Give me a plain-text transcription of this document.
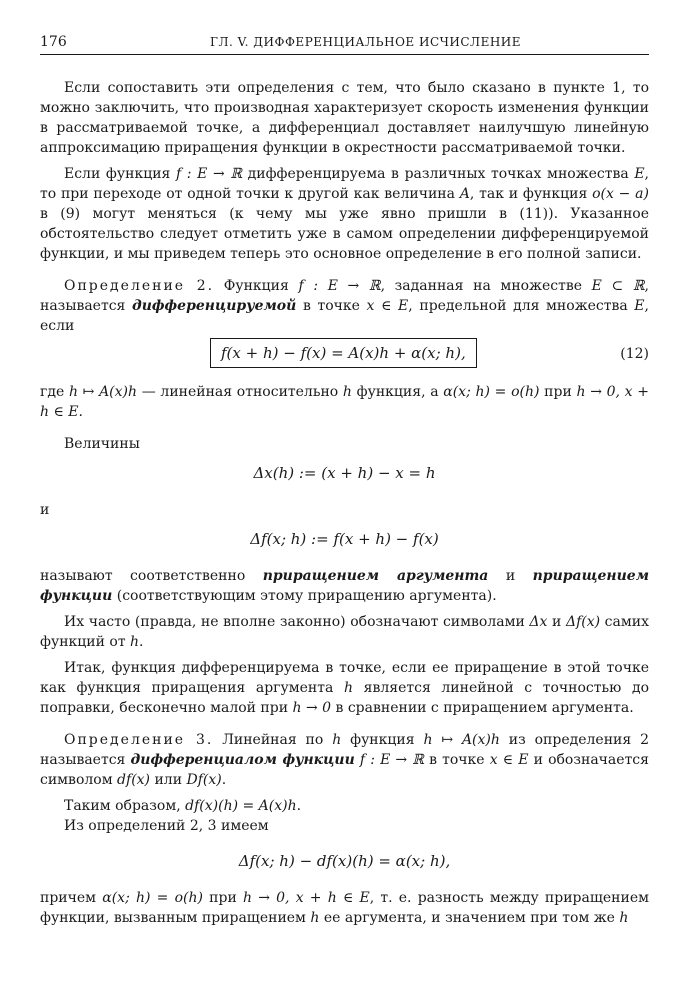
176	ГЛ. V. ДИФФЕРЕНЦИАЛЬНОЕ ИСЧИСЛЕНИЕ

Если сопоставить эти определения с тем, что было сказано в пункте 1, то можно заключить, что производная характеризует скорость изменения функции в рассматриваемой точке, а дифференциал доставляет наилучшую линейную аппроксимацию приращения функции в окрестности рассматриваемой точки.

Если функция f : E → ℝ дифференцируема в различных точках множества E, то при переходе от одной точки к другой как величина A, так и функция o(x − a) в (9) могут меняться (к чему мы уже явно пришли в (11)). Указанное обстоятельство следует отметить уже в самом определении дифференцируемой функции, и мы приведем теперь это основное определение в его полной записи.

Определение 2. Функция f : E → ℝ, заданная на множестве E ⊂ ℝ, называется дифференцируемой в точке x ∈ E, предельной для множества E, если

f(x + h) − f(x) = A(x)h + α(x; h),	(12)

где h ↦ A(x)h — линейная относительно h функция, а α(x; h) = o(h) при h → 0, x + h ∈ E.

Величины

Δx(h) := (x + h) − x = h
и
Δf(x; h) := f(x + h) − f(x)

называют соответственно приращением аргумента и приращением функции (соответствующим этому приращению аргумента).

Их часто (правда, не вполне законно) обозначают символами Δx и Δf(x) самих функций от h.

Итак, функция дифференцируема в точке, если ее приращение в этой точке как функция приращения аргумента h является линейной с точностью до поправки, бесконечно малой при h → 0 в сравнении с приращением аргумента.

Определение 3. Линейная по h функция h ↦ A(x)h из определения 2 называется дифференциалом функции f : E → ℝ в точке x ∈ E и обозначается символом df(x) или Df(x).

Таким образом, df(x)(h) = A(x)h.

Из определений 2, 3 имеем

Δf(x; h) − df(x)(h) = α(x; h),

причем α(x; h) = o(h) при h → 0, x + h ∈ E, т. е. разность между приращением функции, вызванным приращением h ее аргумента, и значением при том же h
